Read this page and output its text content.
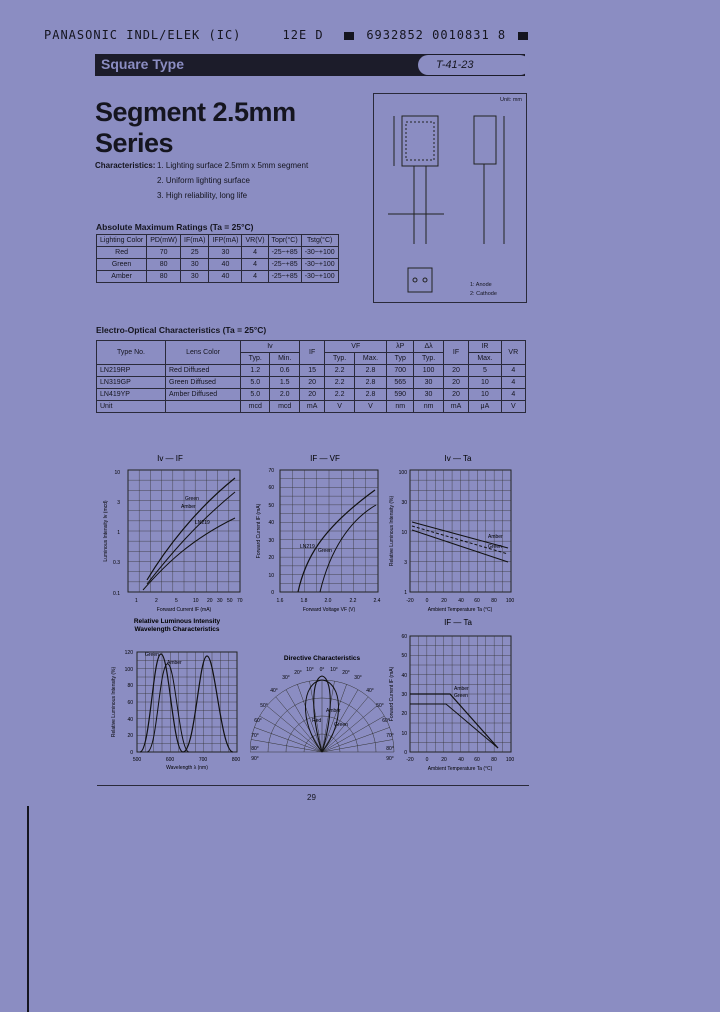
PANASONIC INDL/ELEK (IC)	12E D	6932852 0010831 8
Square Type	T-41-23
Segment 2.5mm
Series
Characteristics: 1. Lighting surface 2.5mm x 5mm segment
2. Uniform lighting surface
3. High reliability, long life
Absolute Maximum Ratings (Ta = 25°C)
Lighting Color	PD(mW)	IF(mA)	IFP(mA)	VR(V)	Topr(°C)	Tstg(°C)
Red	70	25	30	4	-25~+85	-30~+100
Green	80	30	40	4	-25~+85	-30~+100
Amber	80	30	40	4	-25~+85	-30~+100
Unit: mm
1: Anode
2: Cathode
Electro-Optical Characteristics (Ta = 25°C)
Type No.	Lens Color	Iv		IF	VF		λP	Δλ	IF	IR	VR
		Typ.	Min.		Typ.	Max.	Typ	Typ.		Max.	
LN219RP	Red Diffused	1.2	0.6	15	2.2	2.8	700	100	20	5	4
LN319GP	Green Diffused	5.0	1.5	20	2.2	2.8	565	30	20	10	4
LN419YP	Amber Diffused	5.0	2.0	20	2.2	2.8	590	30	20	10	4
Unit		mcd	mcd	mA	V	V	nm	nm	mA	μA	V
Iv — IF
Green
Amber
LN219
1	2	5	10 20 30 50 70
0.1
0.3
1
3
10
Forward Current IF (mA)
Luminous Intensity Iv (mcd)
IF — VF
LN219
Green
1.6	1.8	2.0	2.2	2.4
0
10
20
30
40
50
60
70
Forward Voltage VF (V)
Forward Current IF (mA)
Iv — Ta
Amber
Green
-20 0	20 40 60 80 100
1
3
10
30
100
Ambient Temperature Ta (°C)
Relative Luminous Intensity (%)
Relative Luminous Intensity
Wavelength Characteristics
Green
Amber
500	600	700	800
0
20
40
60
80
100
120
Wavelength λ (nm)
Relative Luminous Intensity (%)
Directive Characteristics
10° 0° 10°
20°	20°
30°	30°
40°	40°
50°	50°
60°	60°
70°	70°
80°	80°
90°	90°
Red
Amber
Green
IF — Ta
Amber
Green
-20 0	20 40 60 80 100
0
10
20
30
40
50
60
Ambient Temperature Ta (°C)
Forward Current IF (mA)
29
